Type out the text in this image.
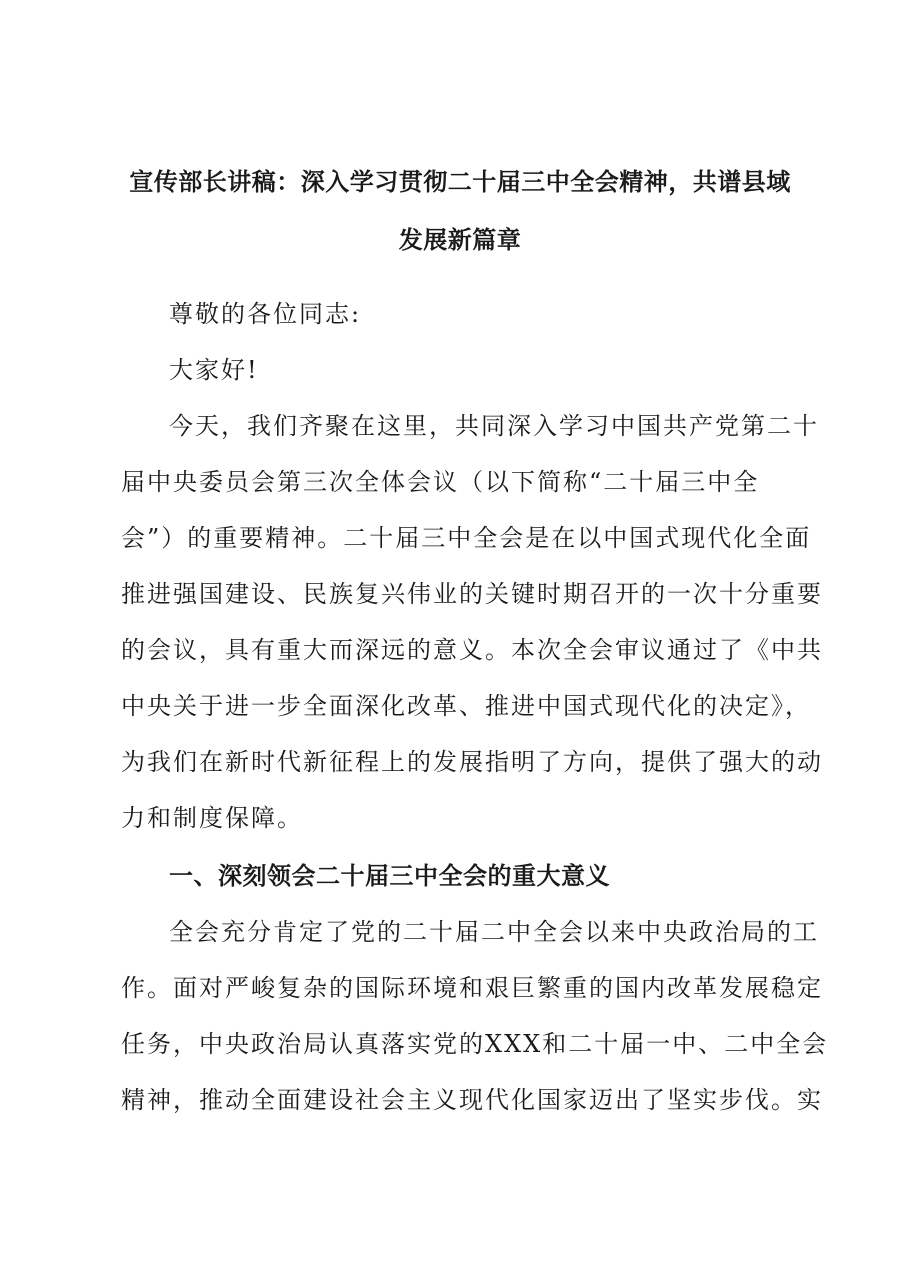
宣传部长讲稿：深入学习贯彻二十届三中全会精神，共谱县域
发展新篇章
尊敬的各位同志:
大家好!
今天，我们齐聚在这里，共同深入学习中国共产党第二十
届中央委员会第三次全体会议（以下简称“二十届三中全
会”）的重要精神。二十届三中全会是在以中国式现代化全面
推进强国建设、民族复兴伟业的关键时期召开的一次十分重要
的会议，具有重大而深远的意义。本次全会审议通过了《中共
中央关于进一步全面深化改革、推进中国式现代化的决定》，
为我们在新时代新征程上的发展指明了方向，提供了强大的动
力和制度保障。
一、深刻领会二十届三中全会的重大意义
全会充分肯定了党的二十届二中全会以来中央政治局的工
作。面对严峻复杂的国际环境和艰巨繁重的国内改革发展稳定
任务，中央政治局认真落实党的XXX和二十届一中、二中全会
精神，推动全面建设社会主义现代化国家迈出了坚实步伐。实
